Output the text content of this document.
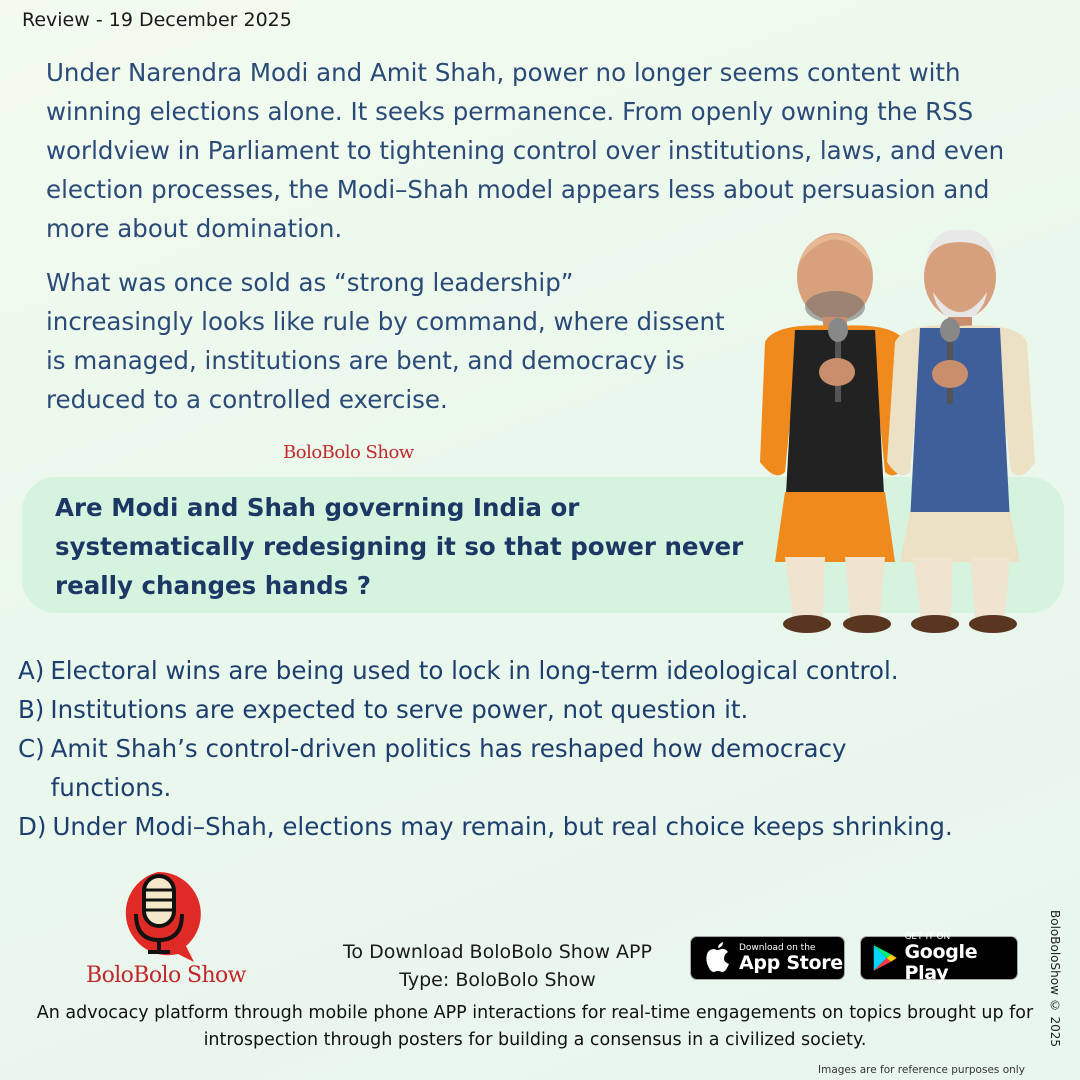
Review - 19 December 2025

Under Narendra Modi and Amit Shah, power no longer seems content with winning elections alone. It seeks permanence. From openly owning the RSS worldview in Parliament to tightening control over institutions, laws, and even election processes, the Modi–Shah model appears less about persuasion and more about domination.

What was once sold as “strong leadership” increasingly looks like rule by command, where dissent is managed, institutions are bent, and democracy is reduced to a controlled exercise.

BoloBolo Show
Are Modi and Shah governing India or systematically redesigning it so that power never really changes hands ?
A) Electoral wins are being used to lock in long-term ideological control.
B) Institutions are expected to serve power, not question it.
C) Amit Shah’s control-driven politics has reshaped how democracy functions.
D) Under Modi–Shah, elections may remain, but real choice keeps shrinking.
BoloBolo Show
To Download BoloBolo Show APP
Type: BoloBolo Show
Download on the
App Store
GET IT ON
Google Play
An advocacy platform through mobile phone APP interactions for real-time engagements on topics brought up for introspection through posters for building a consensus in a civilized society.	BoloBoloShow © 2025
Images are for reference purposes only
